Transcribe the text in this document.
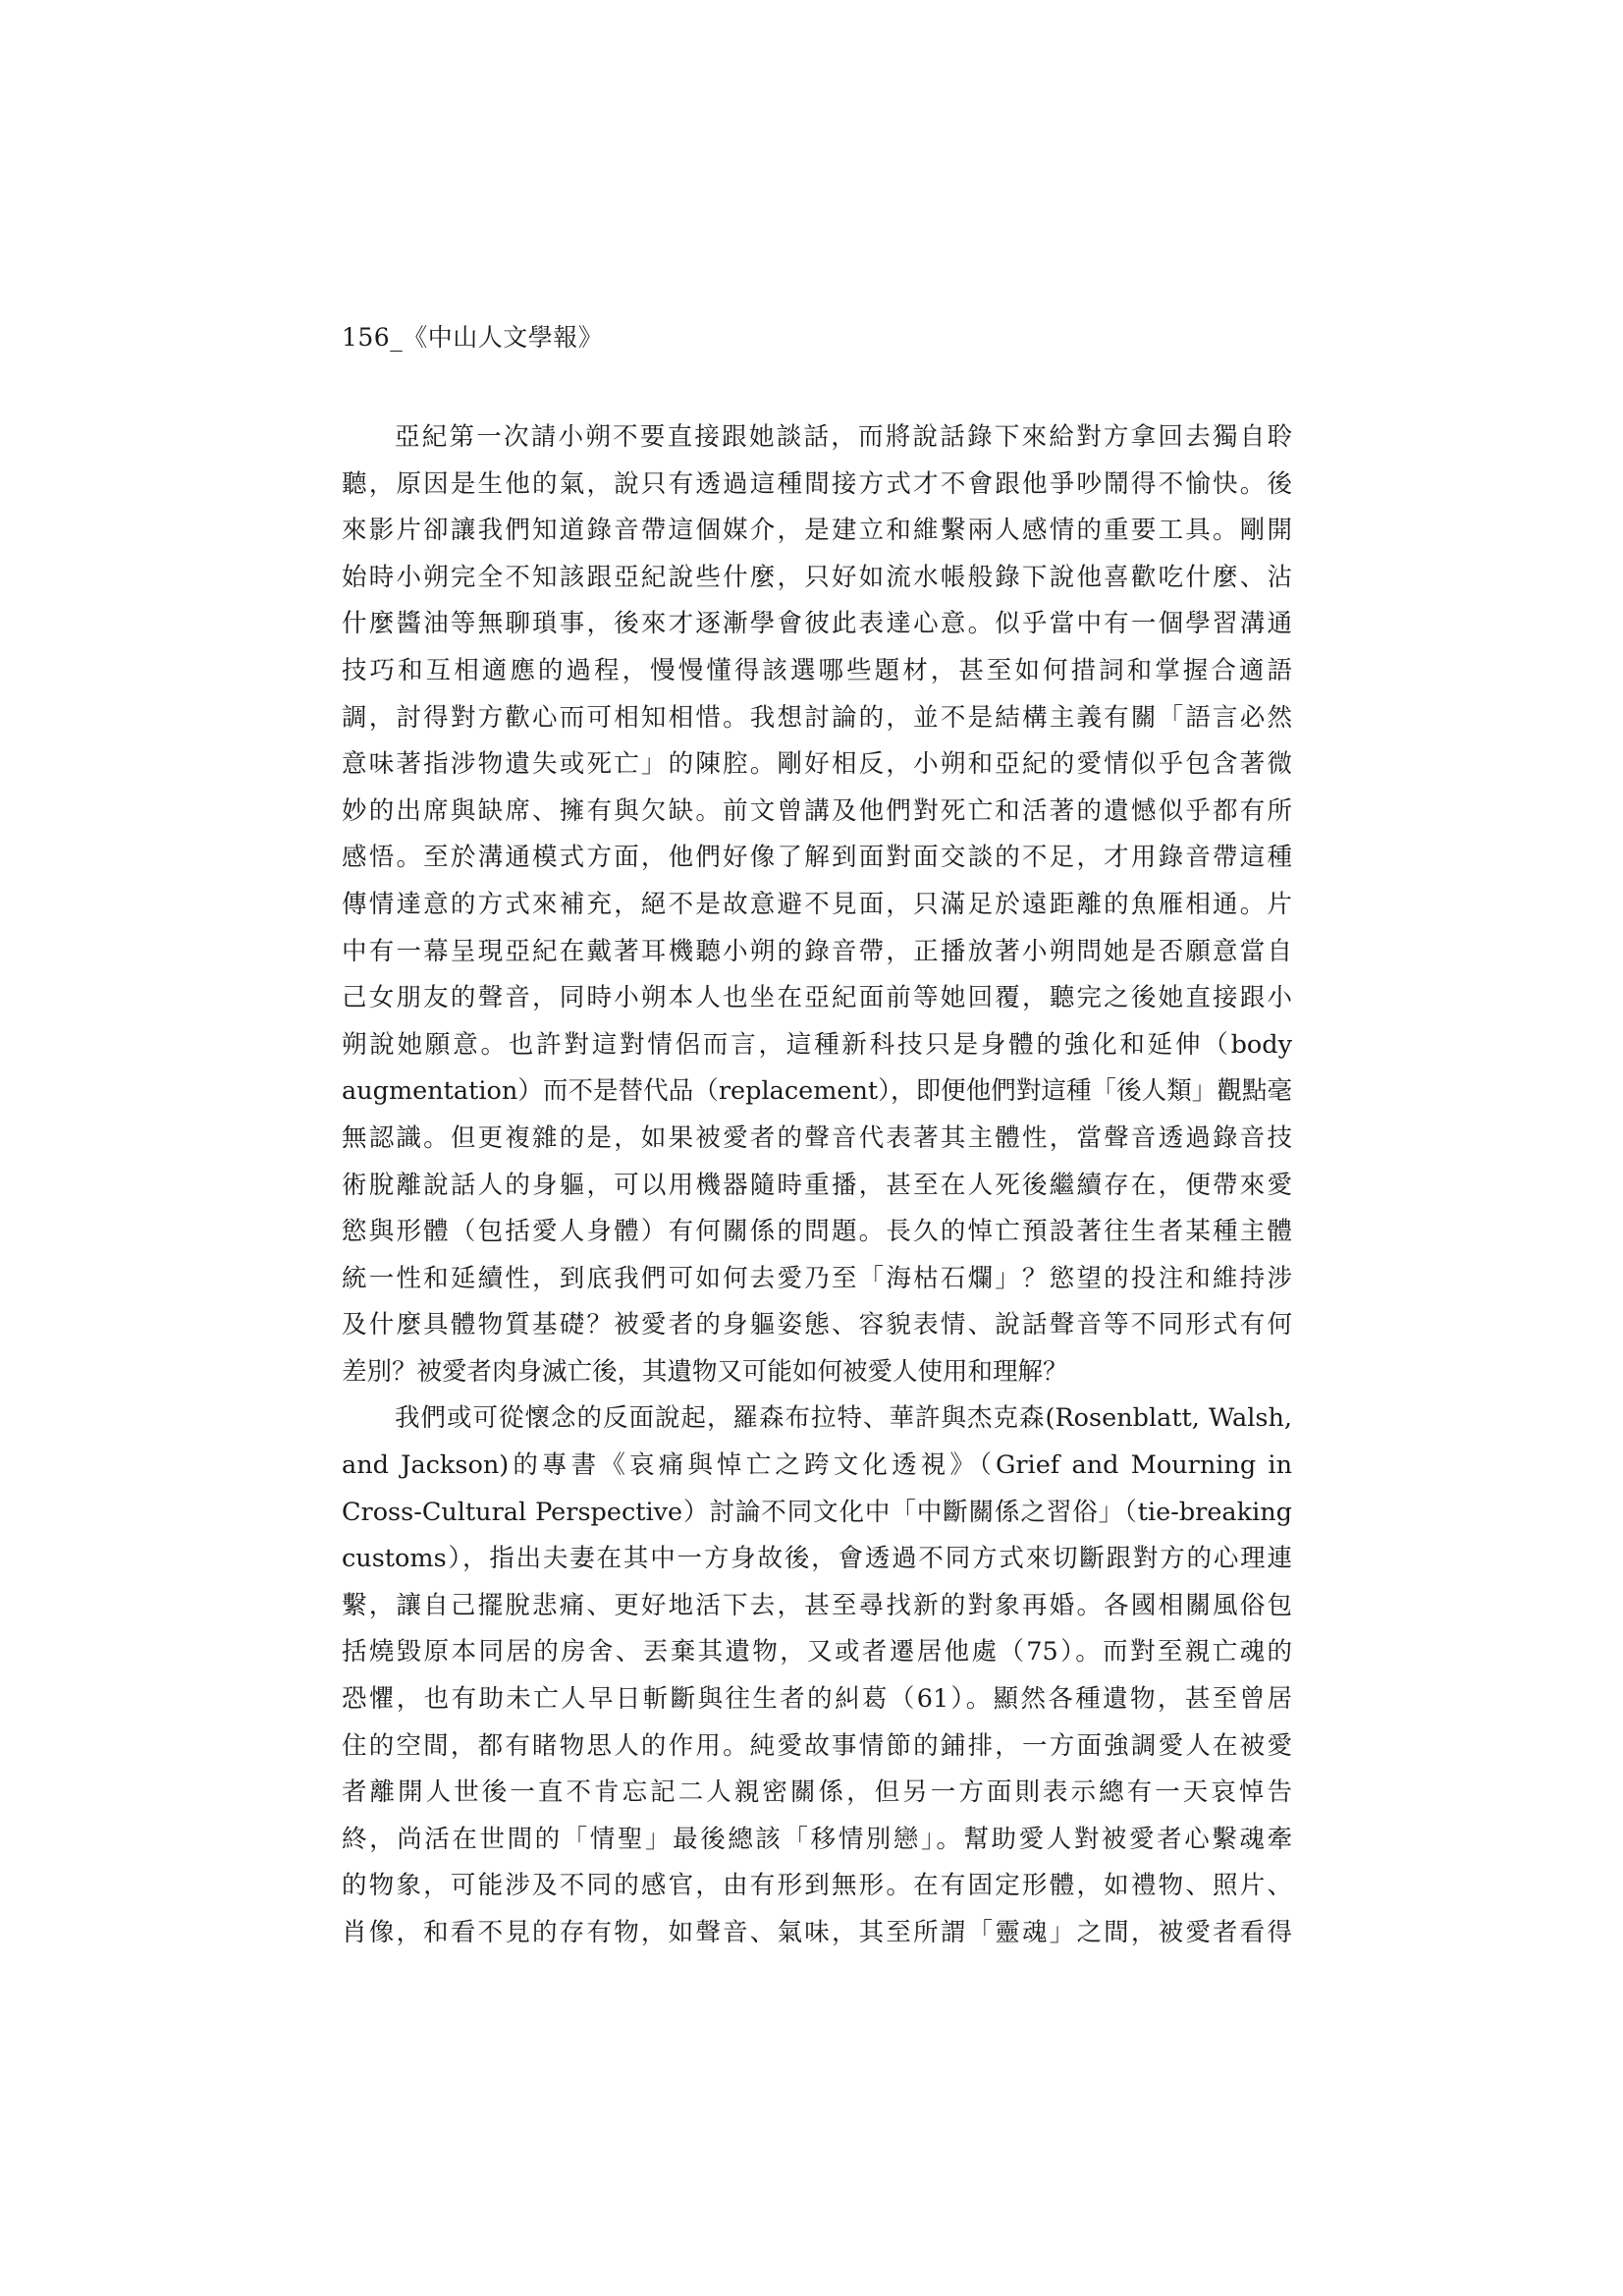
156_《中山人文學報》
亞紀第一次請小朔不要直接跟她談話，而將說話錄下來給對方拿回去獨自聆
聽，原因是生他的氣，說只有透過這種間接方式才不會跟他爭吵鬧得不愉快。後
來影片卻讓我們知道錄音帶這個媒介，是建立和維繫兩人感情的重要工具。剛開
始時小朔完全不知該跟亞紀說些什麼，只好如流水帳般錄下說他喜歡吃什麼、沾
什麼醬油等無聊瑣事，後來才逐漸學會彼此表達心意。似乎當中有一個學習溝通
技巧和互相適應的過程，慢慢懂得該選哪些題材，甚至如何措詞和掌握合適語
調，討得對方歡心而可相知相惜。我想討論的，並不是結構主義有關「語言必然
意味著指涉物遺失或死亡」的陳腔。剛好相反，小朔和亞紀的愛情似乎包含著微
妙的出席與缺席、擁有與欠缺。前文曾講及他們對死亡和活著的遺憾似乎都有所
感悟。至於溝通模式方面，他們好像了解到面對面交談的不足，才用錄音帶這種
傳情達意的方式來補充，絕不是故意避不見面，只滿足於遠距離的魚雁相通。片
中有一幕呈現亞紀在戴著耳機聽小朔的錄音帶，正播放著小朔問她是否願意當自
己女朋友的聲音，同時小朔本人也坐在亞紀面前等她回覆，聽完之後她直接跟小
朔說她願意。也許對這對情侶而言，這種新科技只是身體的強化和延伸（body
augmentation）而不是替代品（replacement），即便他們對這種「後人類」觀點毫
無認識。但更複雜的是，如果被愛者的聲音代表著其主體性，當聲音透過錄音技
術脫離說話人的身軀，可以用機器隨時重播，甚至在人死後繼續存在，便帶來愛
慾與形體（包括愛人身體）有何關係的問題。長久的悼亡預設著往生者某種主體
統一性和延續性，到底我們可如何去愛乃至「海枯石爛」？慾望的投注和維持涉
及什麼具體物質基礎？被愛者的身軀姿態、容貌表情、說話聲音等不同形式有何
差別？被愛者肉身滅亡後，其遺物又可能如何被愛人使用和理解？
我們或可從懷念的反面說起，羅森布拉特、華許與杰克森(Rosenblatt, Walsh,
and Jackson)的專書《哀痛與悼亡之跨文化透視》（Grief and Mourning in
Cross-Cultural Perspective）討論不同文化中「中斷關係之習俗」（tie-breaking
customs），指出夫妻在其中一方身故後，會透過不同方式來切斷跟對方的心理連
繫，讓自己擺脫悲痛、更好地活下去，甚至尋找新的對象再婚。各國相關風俗包
括燒毀原本同居的房舍、丟棄其遺物，又或者遷居他處（75）。而對至親亡魂的
恐懼，也有助未亡人早日斬斷與往生者的糾葛（61）。顯然各種遺物，甚至曾居
住的空間，都有睹物思人的作用。純愛故事情節的鋪排，一方面強調愛人在被愛
者離開人世後一直不肯忘記二人親密關係，但另一方面則表示總有一天哀悼告
終，尚活在世間的「情聖」最後總該「移情別戀」。幫助愛人對被愛者心繫魂牽
的物象，可能涉及不同的感官，由有形到無形。在有固定形體，如禮物、照片、
肖像，和看不見的存有物，如聲音、氣味，其至所謂「靈魂」之間，被愛者看得
